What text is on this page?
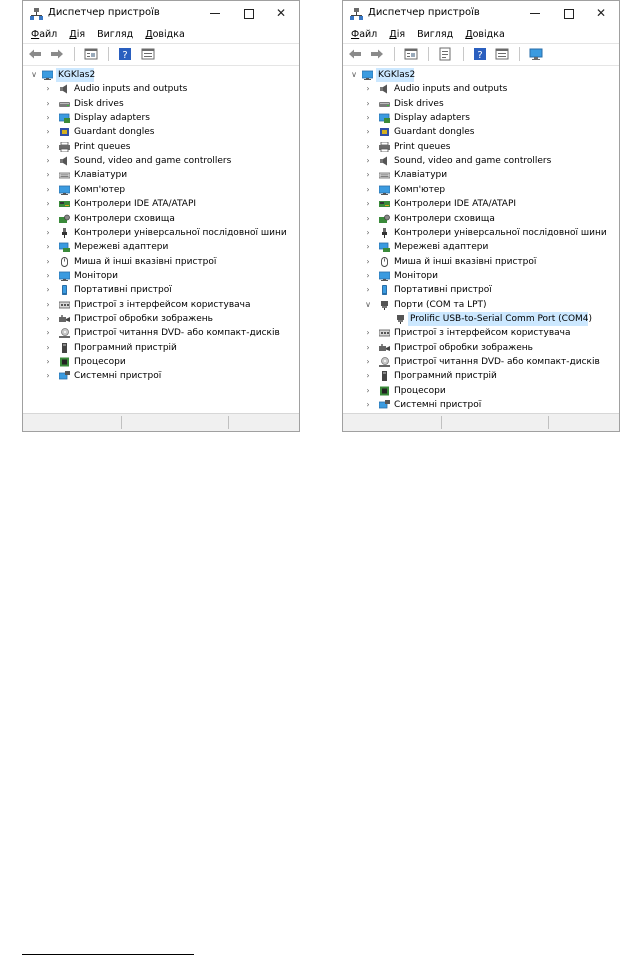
Диспетчер пристроїв	✕
Файл Дія Вигляд Довідка

?

∨ KGKlas2
›	Audio inputs and outputs
›	Disk drives
›	Display adapters
›	Guardant dongles
›	Print queues
›	Sound, video and game controllers
›	Клавіатури
›	Комп'ютер
›	Контролери IDE ATA/ATAPI
›	Контролери сховища
›	Контролери універсальної послідовної шини
›	Мережеві адаптери
›	Миша й інші вказівні пристрої
›	Монітори
›	Портативні пристрої
›	Пристрої з інтерфейсом користувача
›	Пристрої обробки зображень
›	Пристрої читання DVD- або компакт-дисків
›	Програмний пристрій
›	Процесори
›	Системні пристрої
Диспетчер пристроїв	✕
Файл Дія Вигляд Довідка

?

∨ KGKlas2
›	Audio inputs and outputs
›	Disk drives
›	Display adapters
›	Guardant dongles
›	Print queues
›	Sound, video and game controllers
›	Клавіатури
›	Комп'ютер
›	Контролери IDE ATA/ATAPI
›	Контролери сховища
›	Контролери універсальної послідовної шини
›	Мережеві адаптери
›	Миша й інші вказівні пристрої
›	Монітори
›	Портативні пристрої
∨	Порти (COM та LPT)
Prolific USB-to-Serial Comm Port (COM4)
›	Пристрої з інтерфейсом користувача
›	Пристрої обробки зображень
›	Пристрої читання DVD- або компакт-дисків
›	Програмний пристрій
›	Процесори
›	Системні пристрої
